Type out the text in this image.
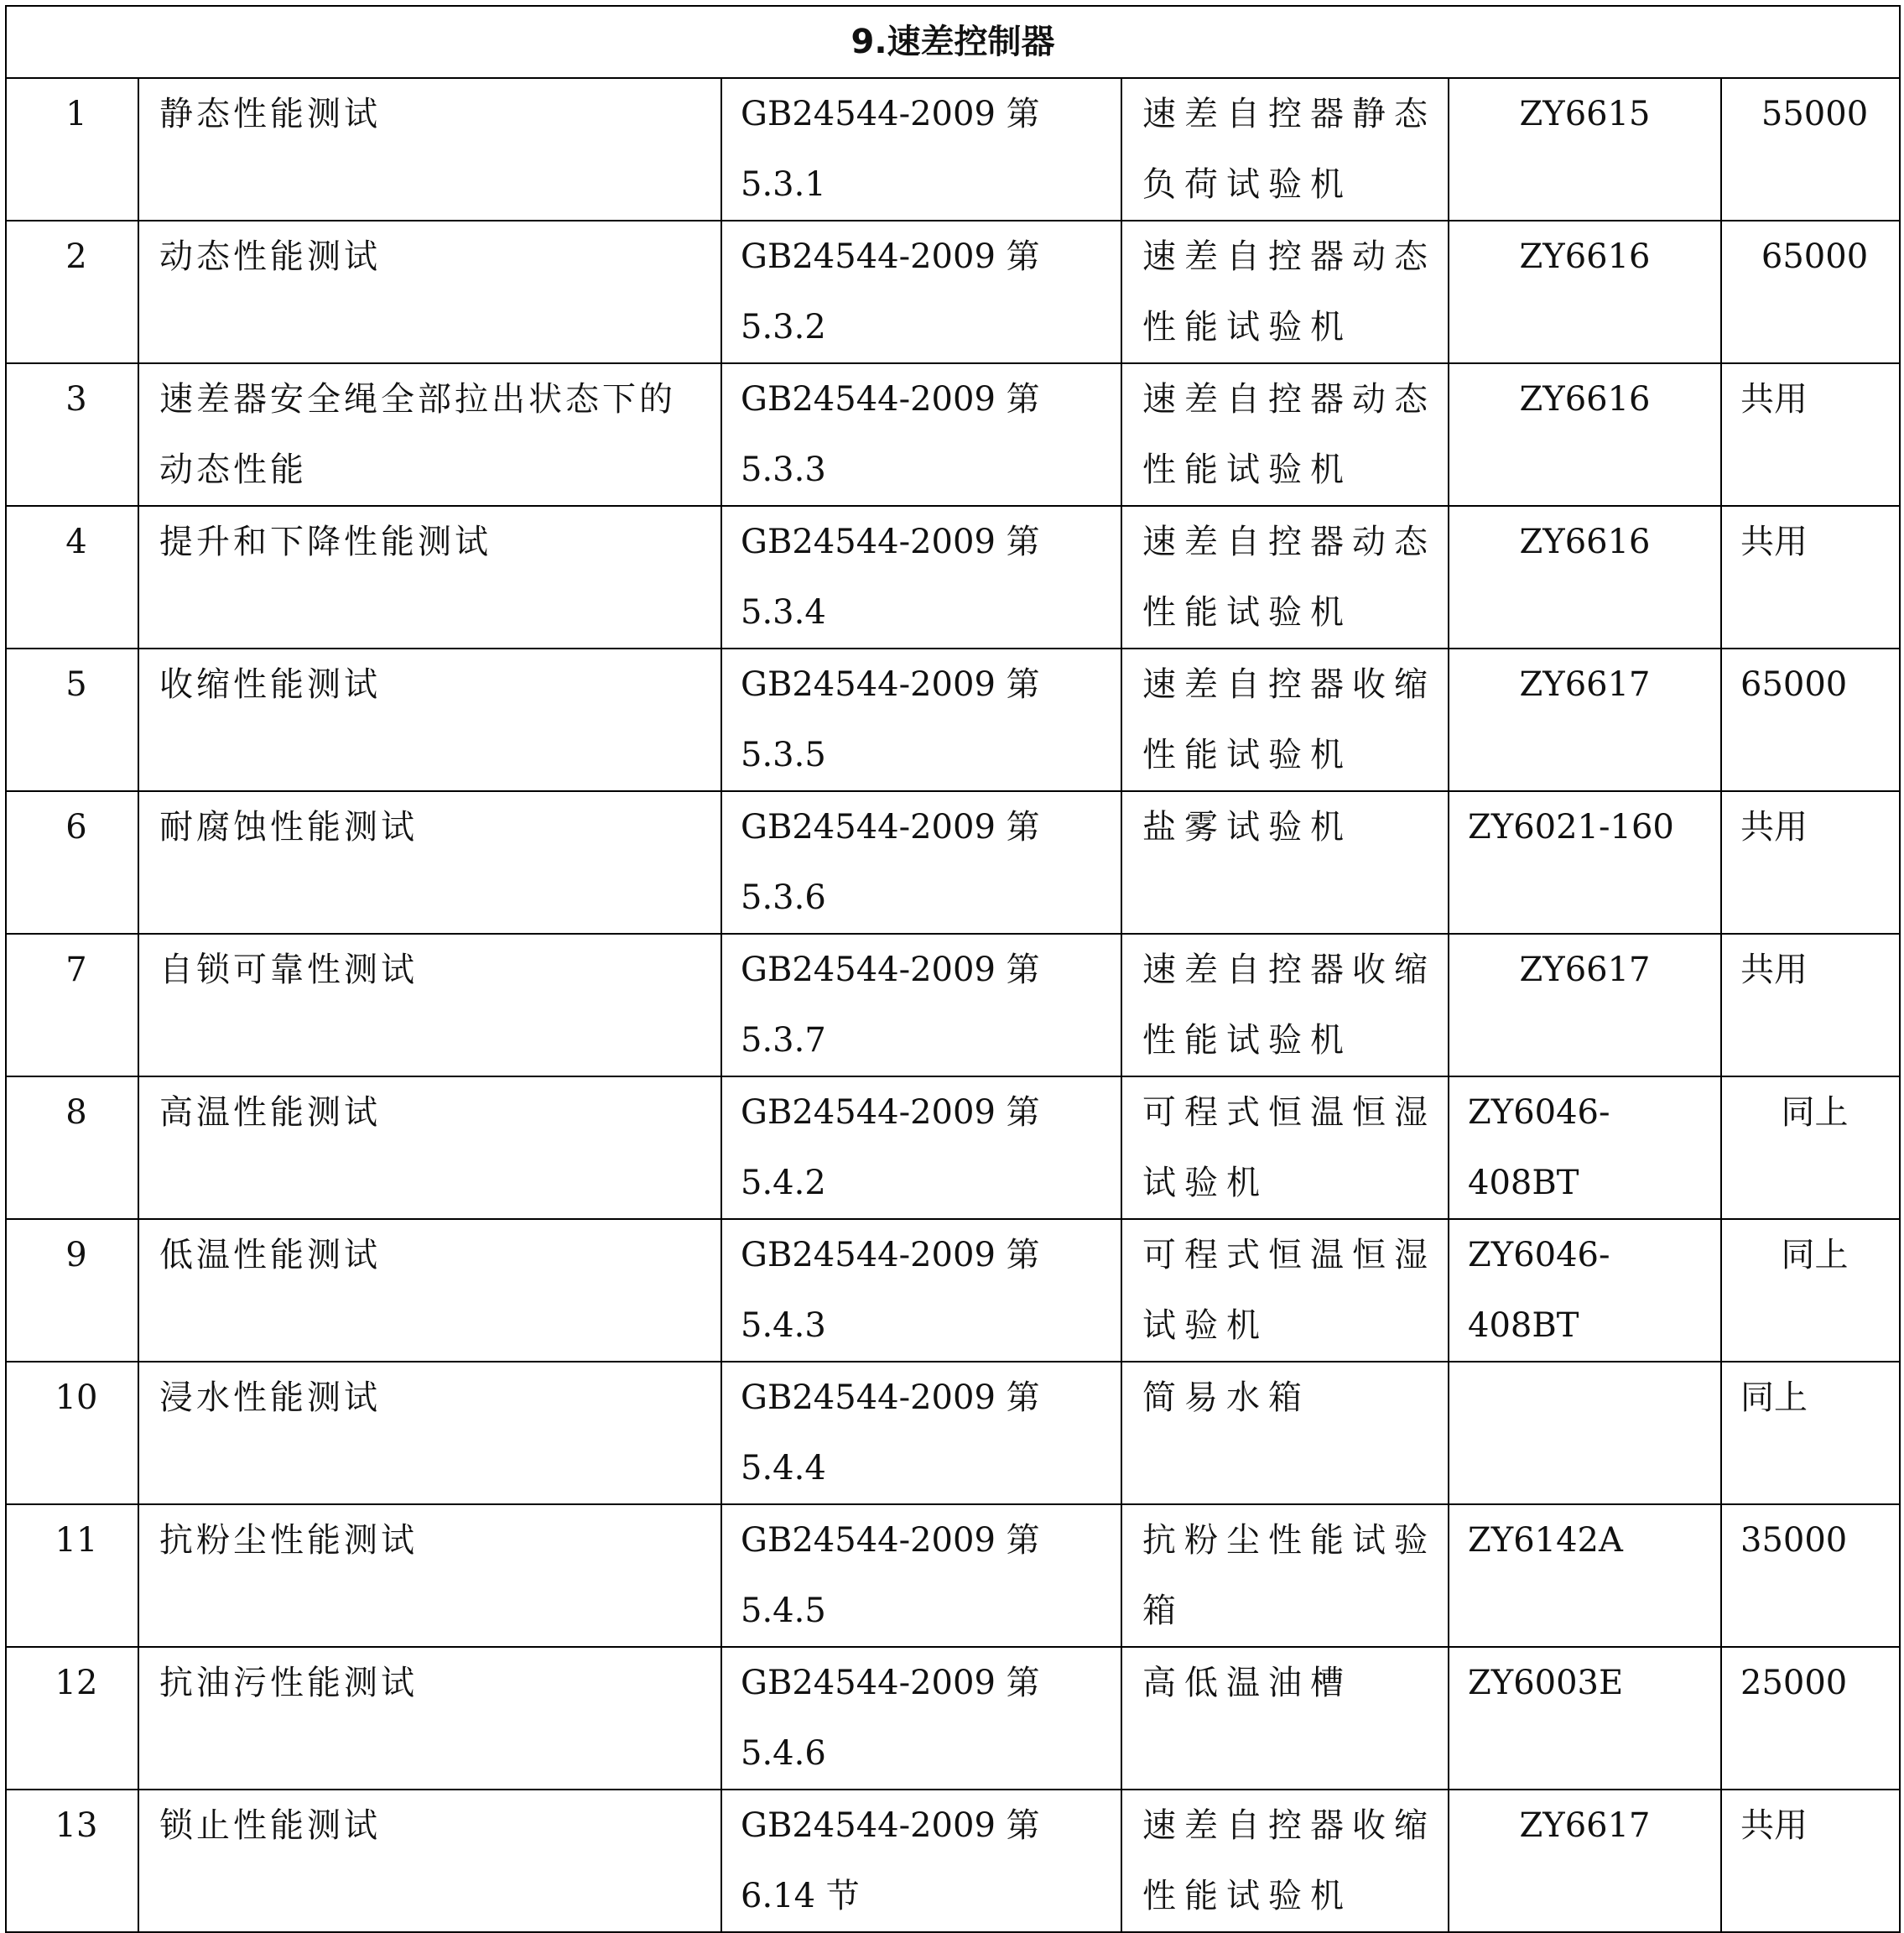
9.速差控制器					
1	静态性能测试	GB24544-2009 第 5.3.1	速差自控器静态负荷试验机	ZY6615	55000
2	动态性能测试	GB24544-2009 第 5.3.2	速差自控器动态性能试验机	ZY6616	65000
3	速差器安全绳全部拉出状态下的动态性能	GB24544-2009 第 5.3.3	速差自控器动态性能试验机	ZY6616	共用
4	提升和下降性能测试	GB24544-2009 第 5.3.4	速差自控器动态性能试验机	ZY6616	共用
5	收缩性能测试	GB24544-2009 第 5.3.5	速差自控器收缩性能试验机	ZY6617	65000
6	耐腐蚀性能测试	GB24544-2009 第 5.3.6	盐雾试验机	ZY6021-160	共用
7	自锁可靠性测试	GB24544-2009 第 5.3.7	速差自控器收缩性能试验机	ZY6617	共用
8	高温性能测试	GB24544-2009 第 5.4.2	可程式恒温恒湿试验机	ZY6046-408BT	同上
9	低温性能测试	GB24544-2009 第 5.4.3	可程式恒温恒湿试验机	ZY6046-408BT	同上
10	浸水性能测试	GB24544-2009 第 5.4.4	简易水箱		同上
11	抗粉尘性能测试	GB24544-2009 第 5.4.5	抗粉尘性能试验箱	ZY6142A	35000
12	抗油污性能测试	GB24544-2009 第 5.4.6	高低温油槽	ZY6003E	25000
13	锁止性能测试	GB24544-2009 第 6.14 节	速差自控器收缩性能试验机	ZY6617	共用
